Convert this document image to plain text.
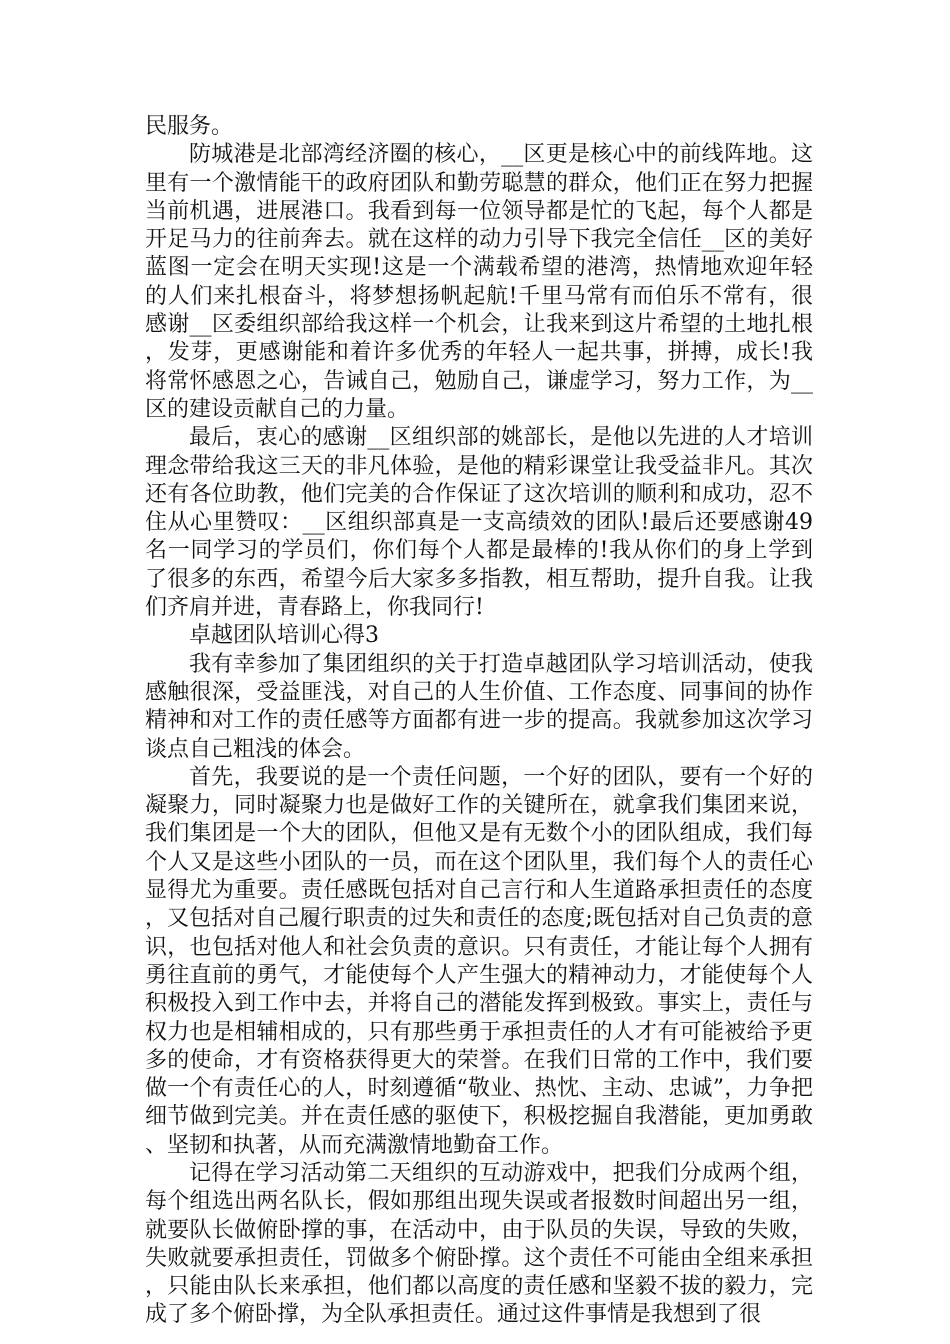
民服务。

防城港是北部湾经济圈的核心，__区更是核心中的前线阵地。这里有一个激情能干的政府团队和勤劳聪慧的群众，他们正在努力把握当前机遇，进展港口。我看到每一位领导都是忙的飞起，每个人都是开足马力的往前奔去。就在这样的动力引导下我完全信任__区的美好蓝图一定会在明天实现!这是一个满载希望的港湾，热情地欢迎年轻的人们来扎根奋斗，将梦想扬帆起航!千里马常有而伯乐不常有，很感谢__区委组织部给我这样一个机会，让我来到这片希望的土地扎根，发芽，更感谢能和着许多优秀的年轻人一起共事，拼搏，成长!我将常怀感恩之心，告诫自己，勉励自己，谦虚学习，努力工作，为__区的建设贡献自己的力量。

最后，衷心的感谢__区组织部的姚部长，是他以先进的人才培训理念带给我这三天的非凡体验，是他的精彩课堂让我受益非凡。其次还有各位助教，他们完美的合作保证了这次培训的顺利和成功，忍不住从心里赞叹：__区组织部真是一支高绩效的团队!最后还要感谢49名一同学习的学员们，你们每个人都是最棒的!我从你们的身上学到了很多的东西，希望今后大家多多指教，相互帮助，提升自我。让我们齐肩并进，青春路上，你我同行!

卓越团队培训心得3

我有幸参加了集团组织的关于打造卓越团队学习培训活动，使我感触很深，受益匪浅，对自己的人生价值、工作态度、同事间的协作精神和对工作的责任感等方面都有进一步的提高。我就参加这次学习谈点自己粗浅的体会。

首先，我要说的是一个责任问题，一个好的团队，要有一个好的凝聚力，同时凝聚力也是做好工作的关键所在，就拿我们集团来说，我们集团是一个大的团队，但他又是有无数个小的团队组成，我们每个人又是这些小团队的一员，而在这个团队里，我们每个人的责任心显得尤为重要。责任感既包括对自己言行和人生道路承担责任的态度，又包括对自己履行职责的过失和责任的态度;既包括对自己负责的意识，也包括对他人和社会负责的意识。只有责任，才能让每个人拥有勇往直前的勇气，才能使每个人产生强大的精神动力，才能使每个人积极投入到工作中去，并将自己的潜能发挥到极致。事实上，责任与权力也是相辅相成的，只有那些勇于承担责任的人才有可能被给予更多的使命，才有资格获得更大的荣誉。在我们日常的工作中，我们要做一个有责任心的人，时刻遵循“敬业、热忱、主动、忠诚”，力争把细节做到完美。并在责任感的驱使下，积极挖掘自我潜能，更加勇敢、坚韧和执著，从而充满激情地勤奋工作。

记得在学习活动第二天组织的互动游戏中，把我们分成两个组，每个组选出两名队长，假如那组出现失误或者报数时间超出另一组，就要队长做俯卧撑的事，在活动中，由于队员的失误，导致的失败，失败就要承担责任，罚做多个俯卧撑。这个责任不可能由全组来承担，只能由队长来承担，他们都以高度的责任感和坚毅不拔的毅力，完成了多个俯卧撑，为全队承担责任。通过这件事情是我想到了很
